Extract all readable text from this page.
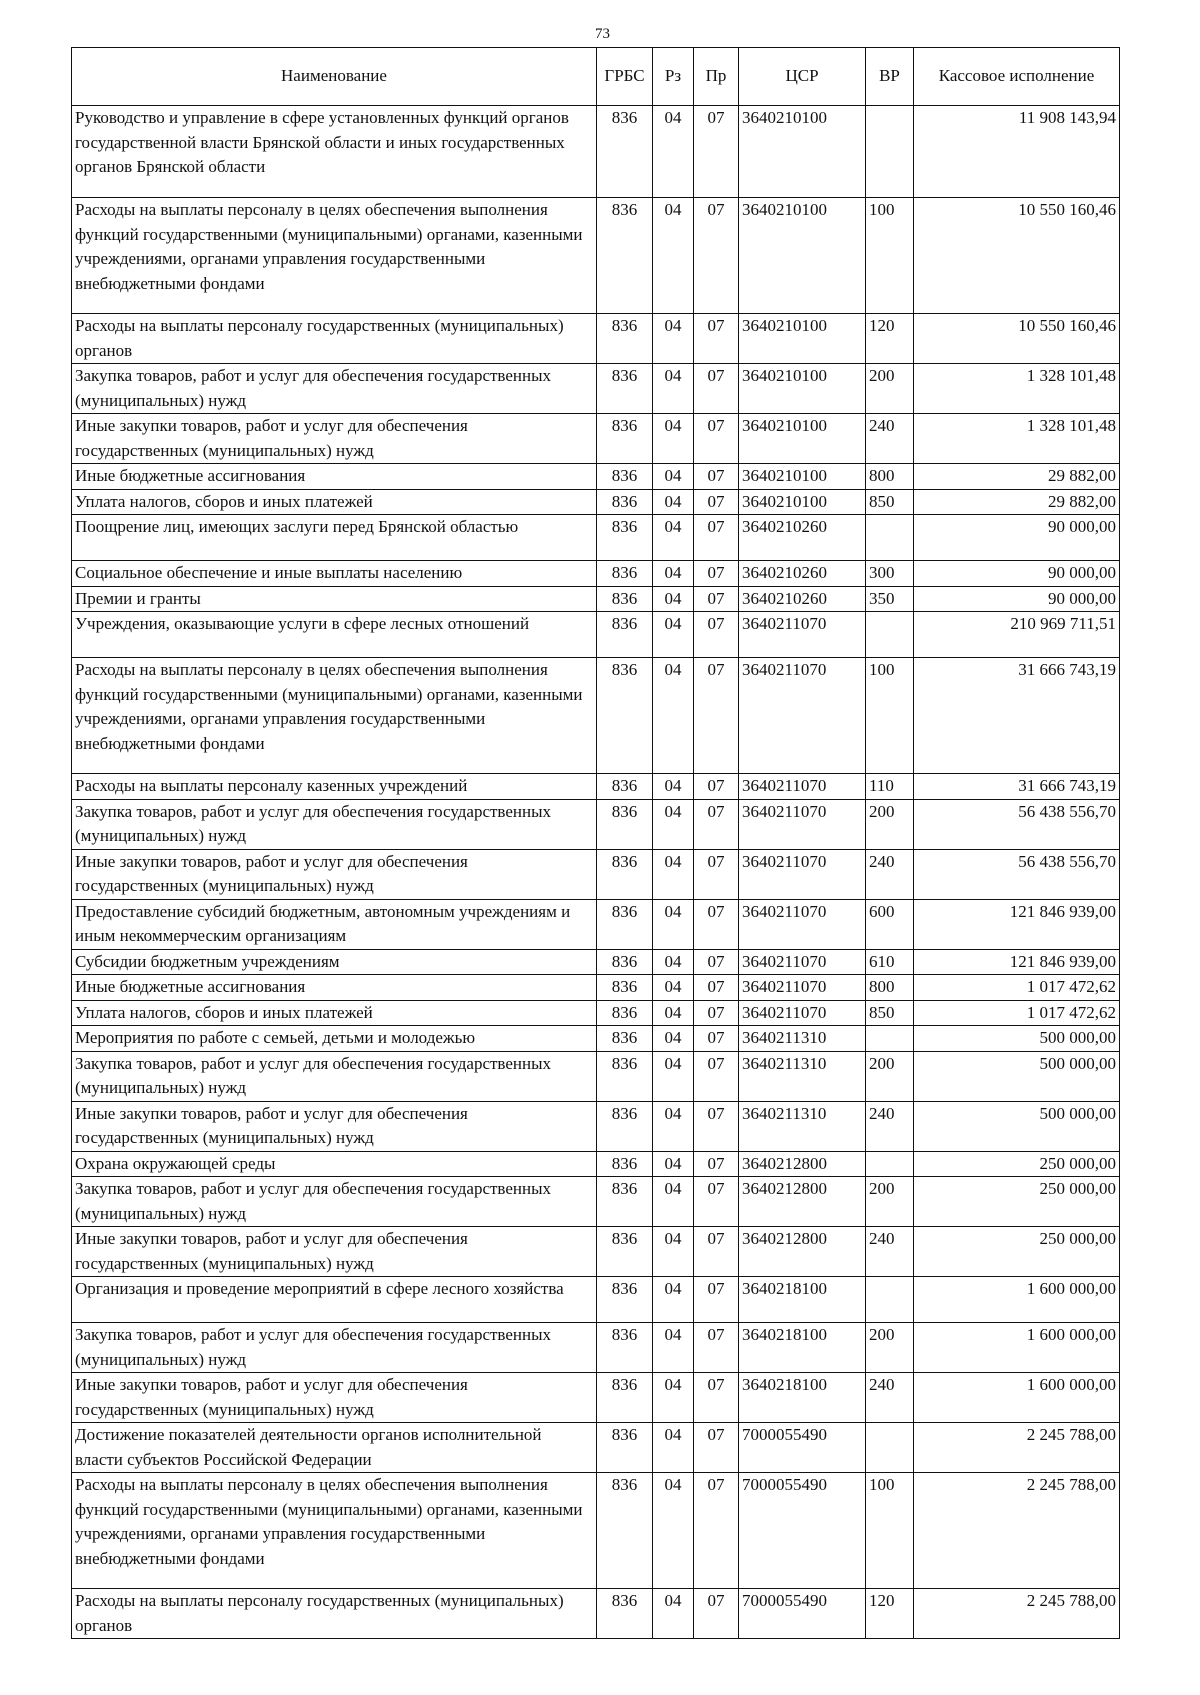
73
Наименование	ГРБС	Рз	Пр	ЦСР	ВР	Кассовое исполнение
Руководство и управление в сфере установленных функций органов государственной власти Брянской области и иных государственных органов Брянской области	836	04	07	3640210100		11 908 143,94
Расходы на выплаты персоналу в целях обеспечения выполнения функций государственными (муниципальными) органами, казенными учреждениями, органами управления государственными внебюджетными фондами	836	04	07	3640210100	100	10 550 160,46
Расходы на выплаты персоналу государственных (муниципальных) органов	836	04	07	3640210100	120	10 550 160,46
Закупка товаров, работ и услуг для обеспечения государственных (муниципальных) нужд	836	04	07	3640210100	200	1 328 101,48
Иные закупки товаров, работ и услуг для обеспечения государственных (муниципальных) нужд	836	04	07	3640210100	240	1 328 101,48
Иные бюджетные ассигнования	836	04	07	3640210100	800	29 882,00
Уплата налогов, сборов и иных платежей	836	04	07	3640210100	850	29 882,00
Поощрение лиц, имеющих заслуги перед Брянской областью	836	04	07	3640210260		90 000,00
Социальное обеспечение и иные выплаты населению	836	04	07	3640210260	300	90 000,00
Премии и гранты	836	04	07	3640210260	350	90 000,00
Учреждения, оказывающие услуги в сфере лесных отношений	836	04	07	3640211070		210 969 711,51
Расходы на выплаты персоналу в целях обеспечения выполнения функций государственными (муниципальными) органами, казенными учреждениями, органами управления государственными внебюджетными фондами	836	04	07	3640211070	100	31 666 743,19
Расходы на выплаты персоналу казенных учреждений	836	04	07	3640211070	110	31 666 743,19
Закупка товаров, работ и услуг для обеспечения государственных (муниципальных) нужд	836	04	07	3640211070	200	56 438 556,70
Иные закупки товаров, работ и услуг для обеспечения государственных (муниципальных) нужд	836	04	07	3640211070	240	56 438 556,70
Предоставление субсидий бюджетным, автономным учреждениям и иным некоммерческим организациям	836	04	07	3640211070	600	121 846 939,00
Субсидии бюджетным учреждениям	836	04	07	3640211070	610	121 846 939,00
Иные бюджетные ассигнования	836	04	07	3640211070	800	1 017 472,62
Уплата налогов, сборов и иных платежей	836	04	07	3640211070	850	1 017 472,62
Мероприятия по работе с семьей, детьми и молодежью	836	04	07	3640211310		500 000,00
Закупка товаров, работ и услуг для обеспечения государственных (муниципальных) нужд	836	04	07	3640211310	200	500 000,00
Иные закупки товаров, работ и услуг для обеспечения государственных (муниципальных) нужд	836	04	07	3640211310	240	500 000,00
Охрана окружающей среды	836	04	07	3640212800		250 000,00
Закупка товаров, работ и услуг для обеспечения государственных (муниципальных) нужд	836	04	07	3640212800	200	250 000,00
Иные закупки товаров, работ и услуг для обеспечения государственных (муниципальных) нужд	836	04	07	3640212800	240	250 000,00
Организация и проведение мероприятий в сфере лесного хозяйства	836	04	07	3640218100		1 600 000,00
Закупка товаров, работ и услуг для обеспечения государственных (муниципальных) нужд	836	04	07	3640218100	200	1 600 000,00
Иные закупки товаров, работ и услуг для обеспечения государственных (муниципальных) нужд	836	04	07	3640218100	240	1 600 000,00
Достижение показателей деятельности органов исполнительной власти субъектов Российской Федерации	836	04	07	7000055490		2 245 788,00
Расходы на выплаты персоналу в целях обеспечения выполнения функций государственными (муниципальными) органами, казенными учреждениями, органами управления государственными внебюджетными фондами	836	04	07	7000055490	100	2 245 788,00
Расходы на выплаты персоналу государственных (муниципальных) органов	836	04	07	7000055490	120	2 245 788,00
